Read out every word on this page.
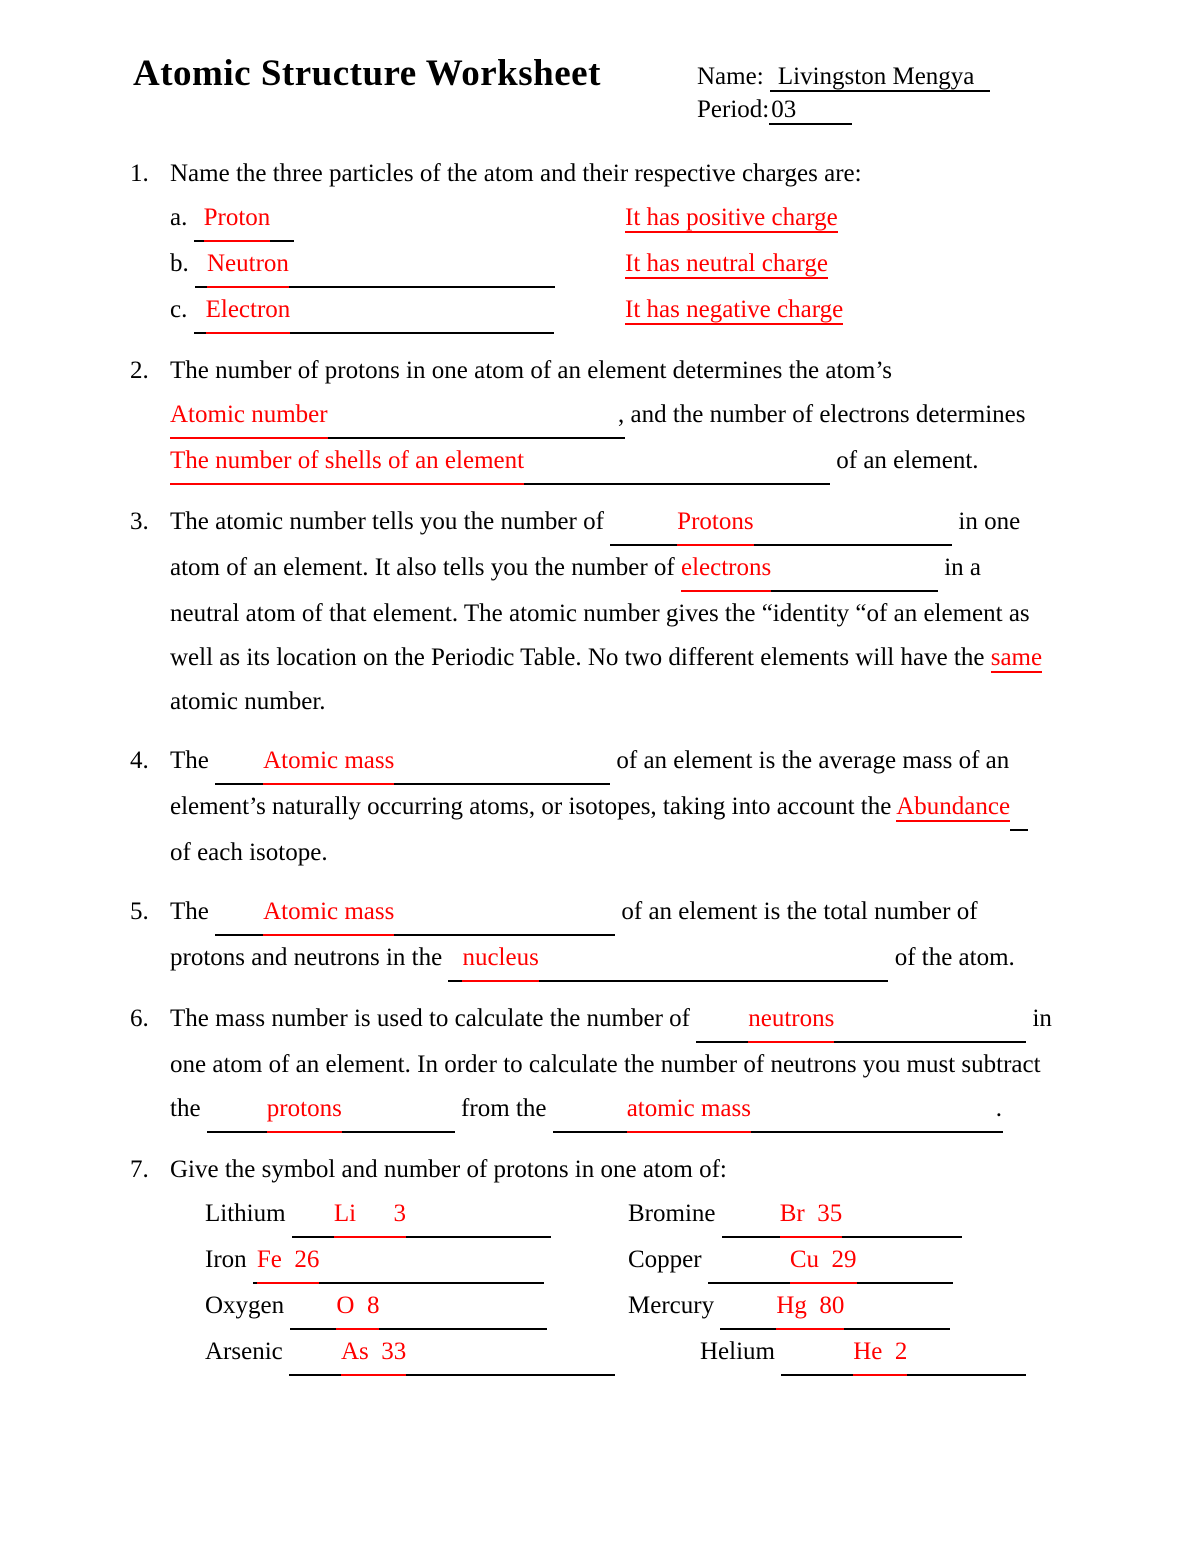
Atomic Structure Worksheet	Name: Livingston Mengya
Period:03
1. Name the three particles of the atom and their respective charges are:
a. Proton	It has positive charge
b. Neutron	It has neutral charge
c. Electron	It has negative charge
2. The number of protons in one atom of an element determines the atom’s
Atomic number	, and the number of electrons determines
The number of shells of an element	of an element.
3. The atomic number tells you the number of	Protons	in one
atom of an element. It also tells you the number of electrons	in a
neutral atom of that element. The atomic number gives the “identity “of an element as
well as its location on the Periodic Table. No two different elements will have the same
atomic number.
4. The Atomic mass	of an element is the average mass of an
element’s naturally occurring atoms, or isotopes, taking into account the Abundance
of each isotope.
5. The Atomic mass	of an element is the total number of
protons and neutrons in the nucleus	of the atom.
6. The mass number is used to calculate the number of neutrons	in
one atom of an element. In order to calculate the number of neutrons you must subtract
the	protons	from the	atomic mass	.
7. Give the symbol and number of protons in one atom of:
Lithium Li      3	Bromine	Br  35
Iron Fe  26	Copper	Cu  29
Oxygen O  8	Mercury Hg  80
Arsenic As  33	Helium	He  2
